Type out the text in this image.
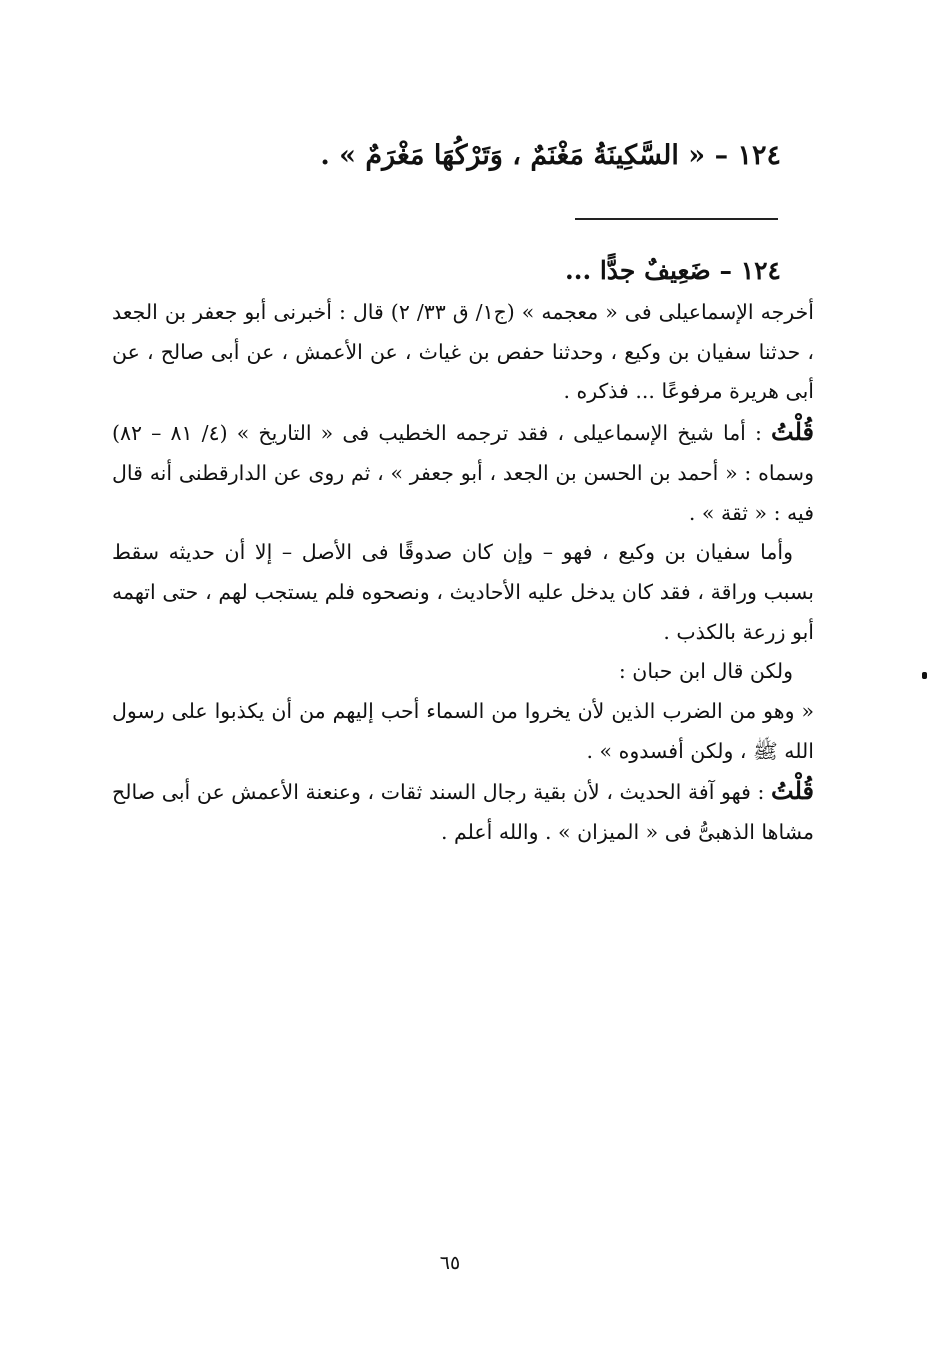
١٢٤ – « السَّكِينَةُ مَغْنَمٌ ، وَتَرْكُهَا مَغْرَمٌ » .
١٢٤ – ضَعِيفٌ جدًّا ...

أخرجه الإسماعيلى فى « معجمه » (ج١/ ق ٣٣/ ٢) قال : أخبرنى أبو جعفر بن الجعد ، حدثنا سفيان بن وكيع ، وحدثنا حفص بن غياث ، عن الأعمش ، عن أبى صالح ، عن أبى هريرة مرفوعًا ... فذكره .

قُلْتُ : أما شيخ الإسماعيلى ، فقد ترجمه الخطيب فى « التاريخ » (٤/ ٨١ – ٨٢) وسماه : « أحمد بن الحسن بن الجعد ، أبو جعفر » ، ثم روى عن الدارقطنى أنه قال فيه : « ثقة » .

وأما سفيان بن وكيع ، فهو – وإن كان صدوقًا فى الأصل – إلا أن حديثه سقط بسبب وراقة ، فقد كان يدخل عليه الأحاديث ، ونصحوه فلم يستجب لهم ، حتى اتهمه أبو زرعة بالكذب .

ولكن قال ابن حبان :

« وهو من الضرب الذين لأن يخروا من السماء أحب إليهم من أن يكذبوا على رسول الله ﷺ ، ولكن أفسدوه » .

قُلْتُ : فهو آفة الحديث ، لأن بقية رجال السند ثقات ، وعنعنة الأعمش عن أبى صالح مشاها الذهبىُّ فى « الميزان » . والله أعلم .

٦٥
